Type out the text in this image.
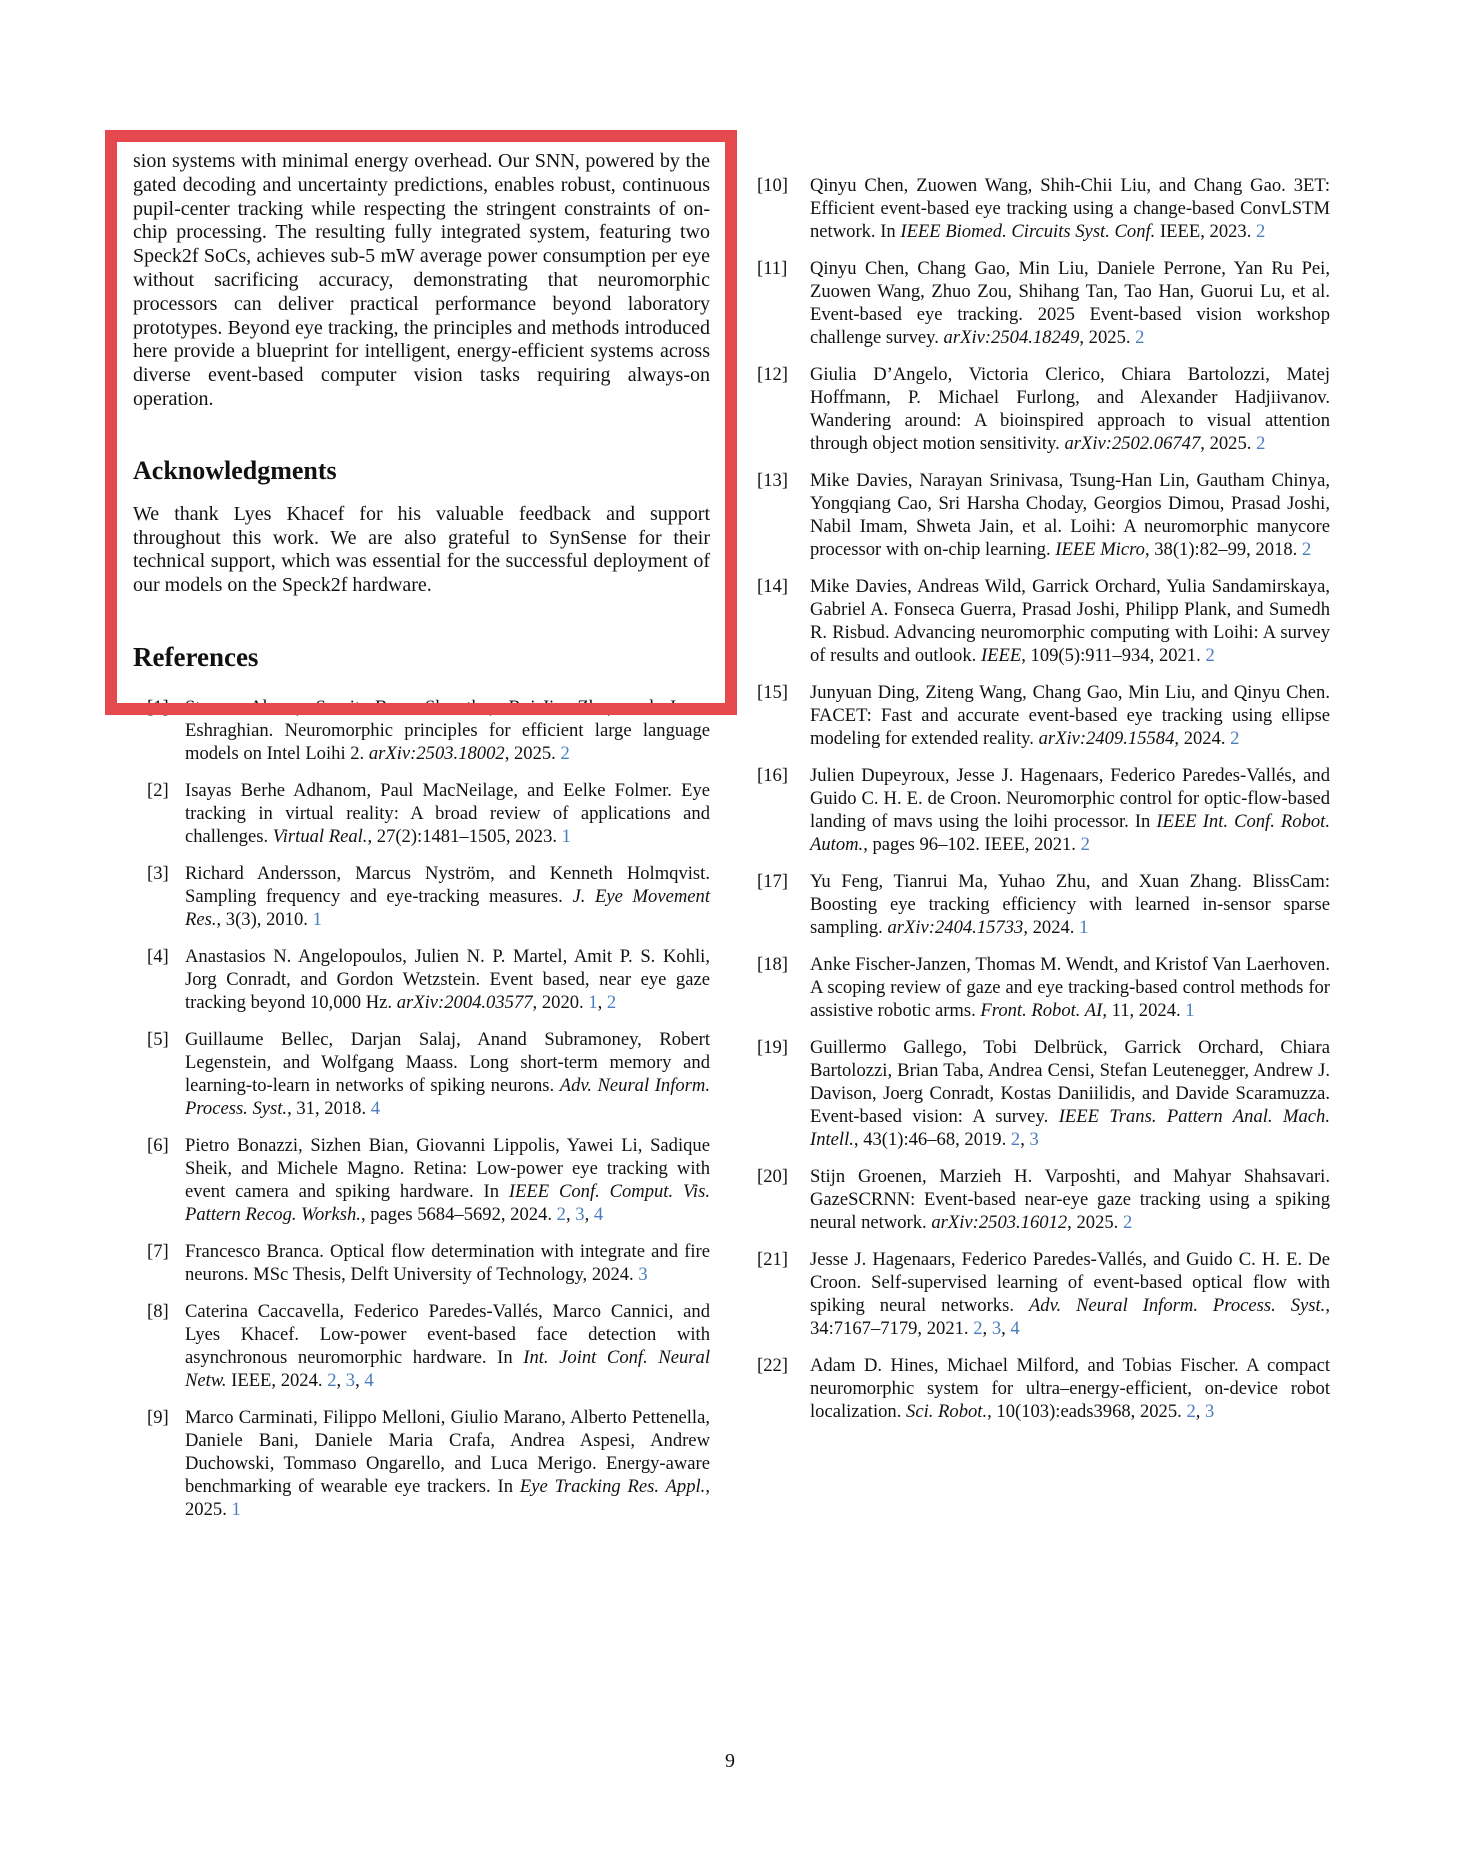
sion systems with minimal energy overhead. Our SNN, powered by the gated decoding and uncertainty predictions, enables robust, continuous pupil-center tracking while respecting the stringent constraints of on-chip processing. The resulting fully integrated system, featuring two Speck2f SoCs, achieves sub-5 mW average power consumption per eye without sacrificing accuracy, demonstrating that neuromorphic processors can deliver practical performance beyond laboratory prototypes. Beyond eye tracking, the principles and methods introduced here provide a blueprint for intelligent, energy-efficient systems across diverse event-based computer vision tasks requiring always-on operation.

Acknowledgments

We thank Lyes Khacef for his valuable feedback and support throughout this work. We are also grateful to SynSense for their technical support, which was essential for the successful deployment of our models on the Speck2f hardware.

References
[1] Steven Abreu, Sumit Bam Shrestha, Rui-Jie Zhu, and Jason Eshraghian. Neuromorphic principles for efficient large language models on Intel Loihi 2. arXiv:2503.18002, 2025. 2
[2] Isayas Berhe Adhanom, Paul MacNeilage, and Eelke Folmer. Eye tracking in virtual reality: A broad review of applications and challenges. Virtual Real., 27(2):1481–1505, 2023. 1
[3] Richard Andersson, Marcus Nyström, and Kenneth Holmqvist. Sampling frequency and eye-tracking measures. J. Eye Movement Res., 3(3), 2010. 1
[4] Anastasios N. Angelopoulos, Julien N. P. Martel, Amit P. S. Kohli, Jorg Conradt, and Gordon Wetzstein. Event based, near eye gaze tracking beyond 10,000 Hz. arXiv:2004.03577, 2020. 1, 2
[5] Guillaume Bellec, Darjan Salaj, Anand Subramoney, Robert Legenstein, and Wolfgang Maass. Long short-term memory and learning-to-learn in networks of spiking neurons. Adv. Neural Inform. Process. Syst., 31, 2018. 4
[6] Pietro Bonazzi, Sizhen Bian, Giovanni Lippolis, Yawei Li, Sadique Sheik, and Michele Magno. Retina: Low-power eye tracking with event camera and spiking hardware. In IEEE Conf. Comput. Vis. Pattern Recog. Worksh., pages 5684–5692, 2024. 2, 3, 4
[7] Francesco Branca. Optical flow determination with integrate and fire neurons. MSc Thesis, Delft University of Technology, 2024. 3
[8] Caterina Caccavella, Federico Paredes-Vallés, Marco Cannici, and Lyes Khacef. Low-power event-based face detection with asynchronous neuromorphic hardware. In Int. Joint Conf. Neural Netw. IEEE, 2024. 2, 3, 4
[9] Marco Carminati, Filippo Melloni, Giulio Marano, Alberto Pettenella, Daniele Bani, Daniele Maria Crafa, Andrea Aspesi, Andrew Duchowski, Tommaso Ongarello, and Luca Merigo. Energy-aware benchmarking of wearable eye trackers. In Eye Tracking Res. Appl., 2025. 1
[10]	Qinyu Chen, Zuowen Wang, Shih-Chii Liu, and Chang Gao. 3ET: Efficient event-based eye tracking using a change-based ConvLSTM network. In IEEE Biomed. Circuits Syst. Conf. IEEE, 2023. 2
[11]	Qinyu Chen, Chang Gao, Min Liu, Daniele Perrone, Yan Ru Pei, Zuowen Wang, Zhuo Zou, Shihang Tan, Tao Han, Guorui Lu, et al. Event-based eye tracking. 2025 Event-based vision workshop challenge survey. arXiv:2504.18249, 2025. 2
[12]	Giulia D’Angelo, Victoria Clerico, Chiara Bartolozzi, Matej Hoffmann, P. Michael Furlong, and Alexander Hadjiivanov. Wandering around: A bioinspired approach to visual attention through object motion sensitivity. arXiv:2502.06747, 2025. 2
[13]	Mike Davies, Narayan Srinivasa, Tsung-Han Lin, Gautham Chinya, Yongqiang Cao, Sri Harsha Choday, Georgios Dimou, Prasad Joshi, Nabil Imam, Shweta Jain, et al. Loihi: A neuromorphic manycore processor with on-chip learning. IEEE Micro, 38(1):82–99, 2018. 2
[14]	Mike Davies, Andreas Wild, Garrick Orchard, Yulia Sandamirskaya, Gabriel A. Fonseca Guerra, Prasad Joshi, Philipp Plank, and Sumedh R. Risbud. Advancing neuromorphic computing with Loihi: A survey of results and outlook. IEEE, 109(5):911–934, 2021. 2
[15]	Junyuan Ding, Ziteng Wang, Chang Gao, Min Liu, and Qinyu Chen. FACET: Fast and accurate event-based eye tracking using ellipse modeling for extended reality. arXiv:2409.15584, 2024. 2
[16]	Julien Dupeyroux, Jesse J. Hagenaars, Federico Paredes-Vallés, and Guido C. H. E. de Croon. Neuromorphic control for optic-flow-based landing of mavs using the loihi processor. In IEEE Int. Conf. Robot. Autom., pages 96–102. IEEE, 2021. 2
[17]	Yu Feng, Tianrui Ma, Yuhao Zhu, and Xuan Zhang. BlissCam: Boosting eye tracking efficiency with learned in-sensor sparse sampling. arXiv:2404.15733, 2024. 1
[18]	Anke Fischer-Janzen, Thomas M. Wendt, and Kristof Van Laerhoven. A scoping review of gaze and eye tracking-based control methods for assistive robotic arms. Front. Robot. AI, 11, 2024. 1
[19]	Guillermo Gallego, Tobi Delbrück, Garrick Orchard, Chiara Bartolozzi, Brian Taba, Andrea Censi, Stefan Leutenegger, Andrew J. Davison, Joerg Conradt, Kostas Daniilidis, and Davide Scaramuzza. Event-based vision: A survey. IEEE Trans. Pattern Anal. Mach. Intell., 43(1):46–68, 2019. 2, 3
[20]	Stijn Groenen, Marzieh H. Varposhti, and Mahyar Shahsavari. GazeSCRNN: Event-based near-eye gaze tracking using a spiking neural network. arXiv:2503.16012, 2025. 2
[21]	Jesse J. Hagenaars, Federico Paredes-Vallés, and Guido C. H. E. De Croon. Self-supervised learning of event-based optical flow with spiking neural networks. Adv. Neural Inform. Process. Syst., 34:7167–7179, 2021. 2, 3, 4
[22]	Adam D. Hines, Michael Milford, and Tobias Fischer. A compact neuromorphic system for ultra–energy-efficient, on-device robot localization. Sci. Robot., 10(103):eads3968, 2025. 2, 3
9
